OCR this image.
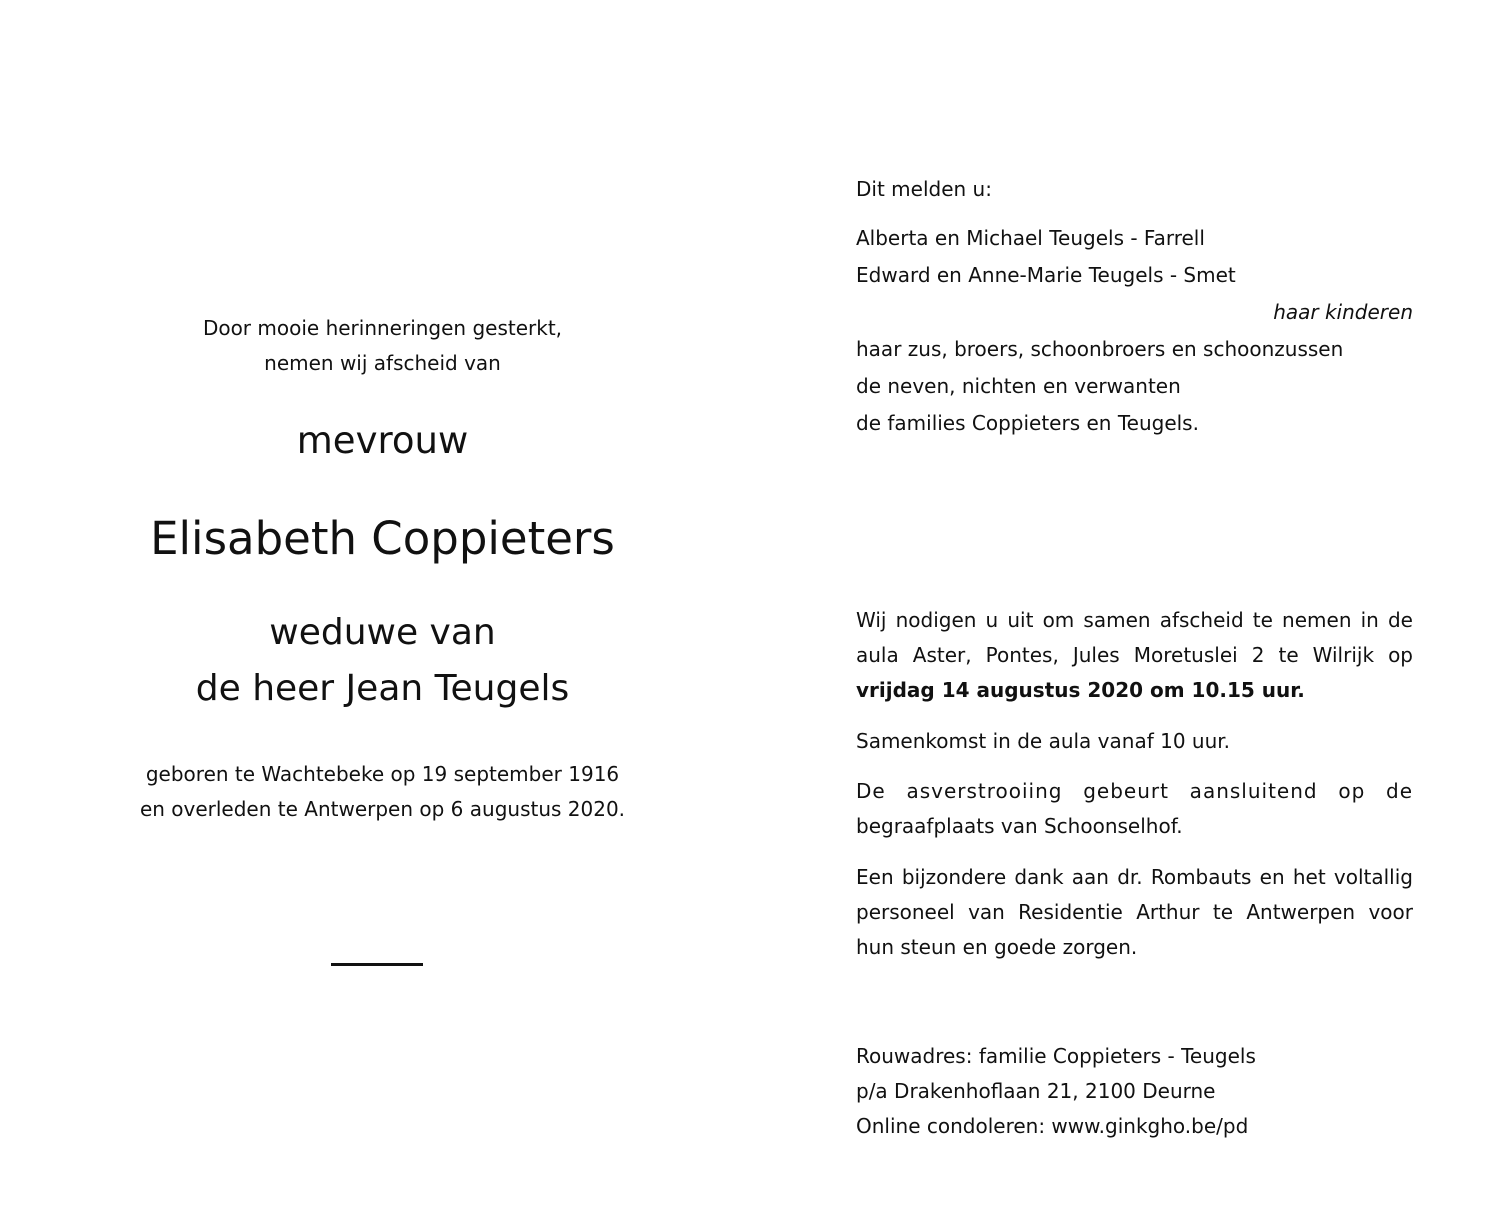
Door mooie herinneringen gesterkt,
nemen wij afscheid van
mevrouw
Elisabeth Coppieters
weduwe van
de heer Jean Teugels
geboren te Wachtebeke op 19 september 1916
en overleden te Antwerpen op 6 augustus 2020.
Dit melden u:
Alberta en Michael Teugels - Farrell
Edward en Anne-Marie Teugels - Smet
haar kinderen
haar zus, broers, schoonbroers en schoonzussen
de neven, nichten en verwanten
de families Coppieters en Teugels.
Wij nodigen u uit om samen afscheid te nemen in de
aula Aster, Pontes, Jules Moretuslei 2 te Wilrijk op
vrijdag 14 augustus 2020 om 10.15 uur.
Samenkomst in de aula vanaf 10 uur.
De asverstrooiing gebeurt aansluitend op de
begraafplaats van Schoonselhof.
Een bijzondere dank aan dr. Rombauts en het voltallig
personeel van Residentie Arthur te Antwerpen voor
hun steun en goede zorgen.
Rouwadres: familie Coppieters - Teugels
p/a Drakenhoflaan 21, 2100 Deurne
Online condoleren: www.ginkgho.be/pd
